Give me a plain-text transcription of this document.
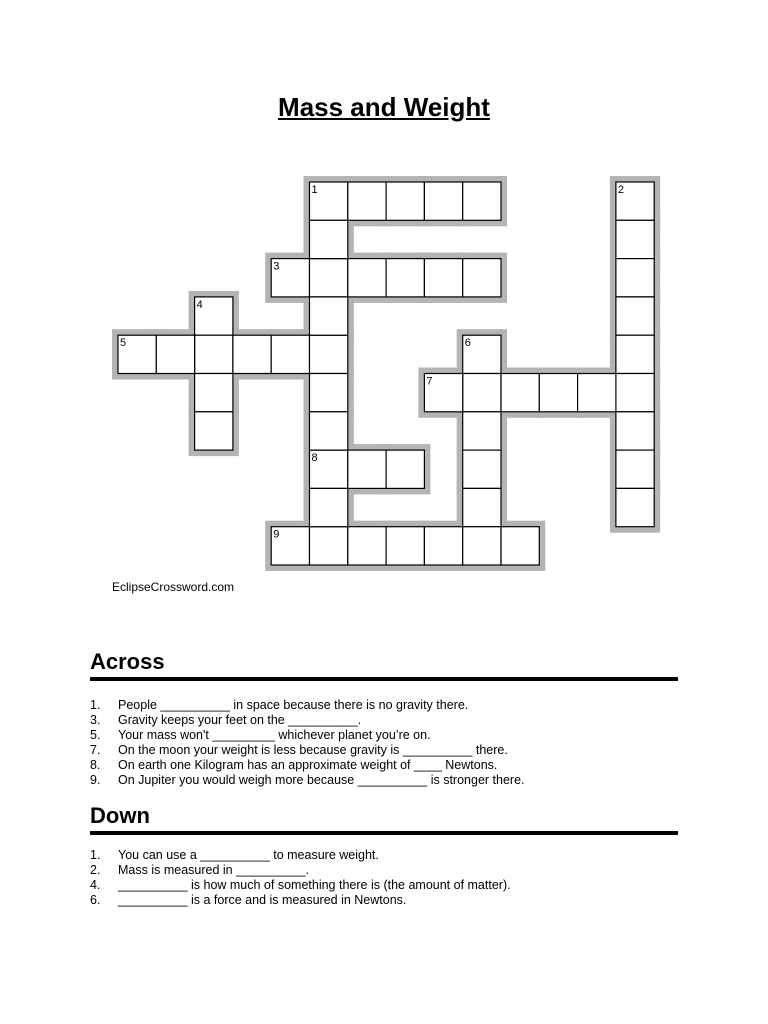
Mass and Weight
1	2
3
4
5	6
7
8
9
EclipseCrossword.com
Across
1.	People __________ in space because there is no gravity there.
3.	Gravity keeps your feet on the __________.
5.	Your mass won't _________ whichever planet you’re on.
7.	On the moon your weight is less because gravity is __________ there.
8.	On earth one Kilogram has an approximate weight of ____ Newtons.
9.	On Jupiter you would weigh more because __________ is stronger there.
Down
1.	You can use a __________ to measure weight.
2.	Mass is measured in __________.
4.	__________ is how much of something there is (the amount of matter).
6.	__________ is a force and is measured in Newtons.
